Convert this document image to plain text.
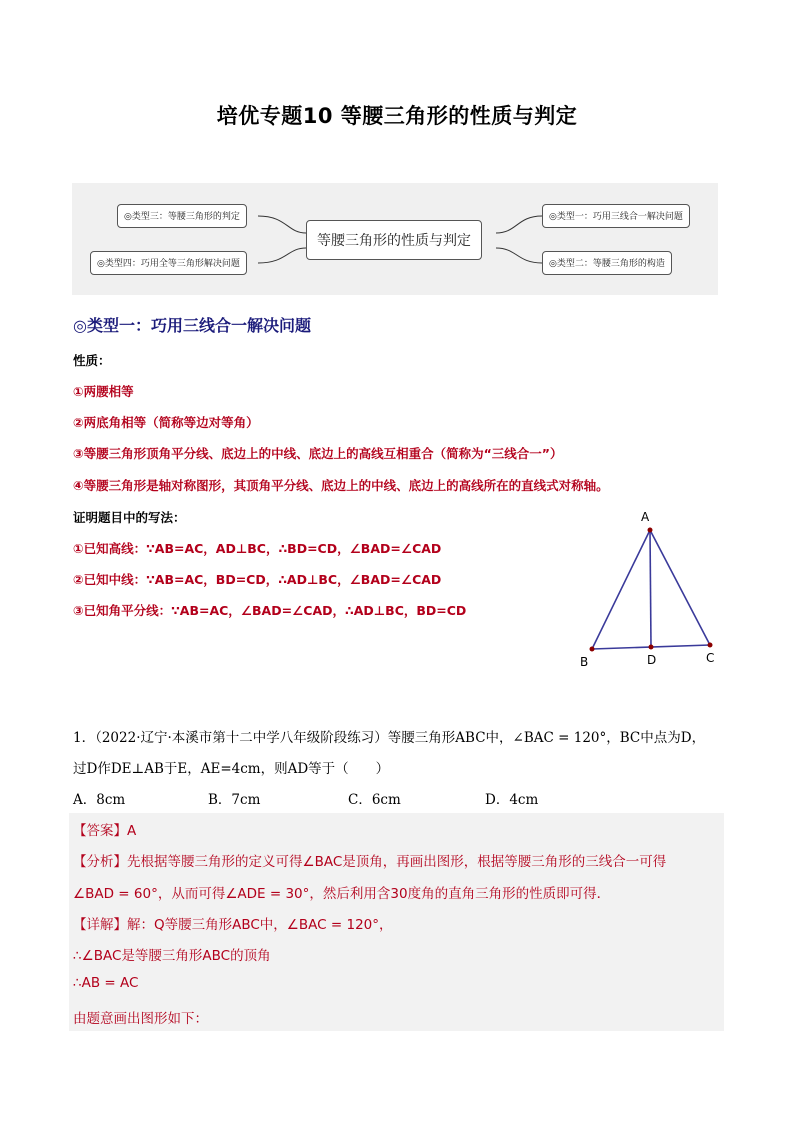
培优专题10 等腰三角形的性质与判定
◎类型三：等腰三角形的判定
◎类型四：巧用全等三角形解决问题
等腰三角形的性质与判定
◎类型一：巧用三线合一解决问题
◎类型二：等腰三角形的构造
◎类型一：巧用三线合一解决问题
性质：
①两腰相等
②两底角相等（简称等边对等角）
③等腰三角形顶角平分线、底边上的中线、底边上的高线互相重合（简称为“三线合一”）
④等腰三角形是轴对称图形，其顶角平分线、底边上的中线、底边上的高线所在的直线式对称轴。
证明题目中的写法：
①已知高线：∵AB=AC，AD⊥BC，∴BD=CD，∠BAD=∠CAD
②已知中线：∵AB=AC，BD=CD，∴AD⊥BC，∠BAD=∠CAD
③已知角平分线：∵AB=AC，∠BAD=∠CAD，∴AD⊥BC，BD=CD
A
B	D	C
1．（2022·辽宁·本溪市第十二中学八年级阶段练习）等腰三角形ABC中，∠BAC = 120°，BC中点为D，
过D作DE⊥AB于E，AE=4cm，则AD等于（　　）
A．8cm	B．7cm	C．6cm	D．4cm
【答案】A
【分析】先根据等腰三角形的定义可得∠BAC是顶角，再画出图形，根据等腰三角形的三线合一可得
∠BAD = 60°，从而可得∠ADE = 30°，然后利用含30度角的直角三角形的性质即可得．
【详解】解：Q等腰三角形ABC中，∠BAC = 120°，
∴∠BAC是等腰三角形ABC的顶角
∴AB = AC
由题意画出图形如下：
